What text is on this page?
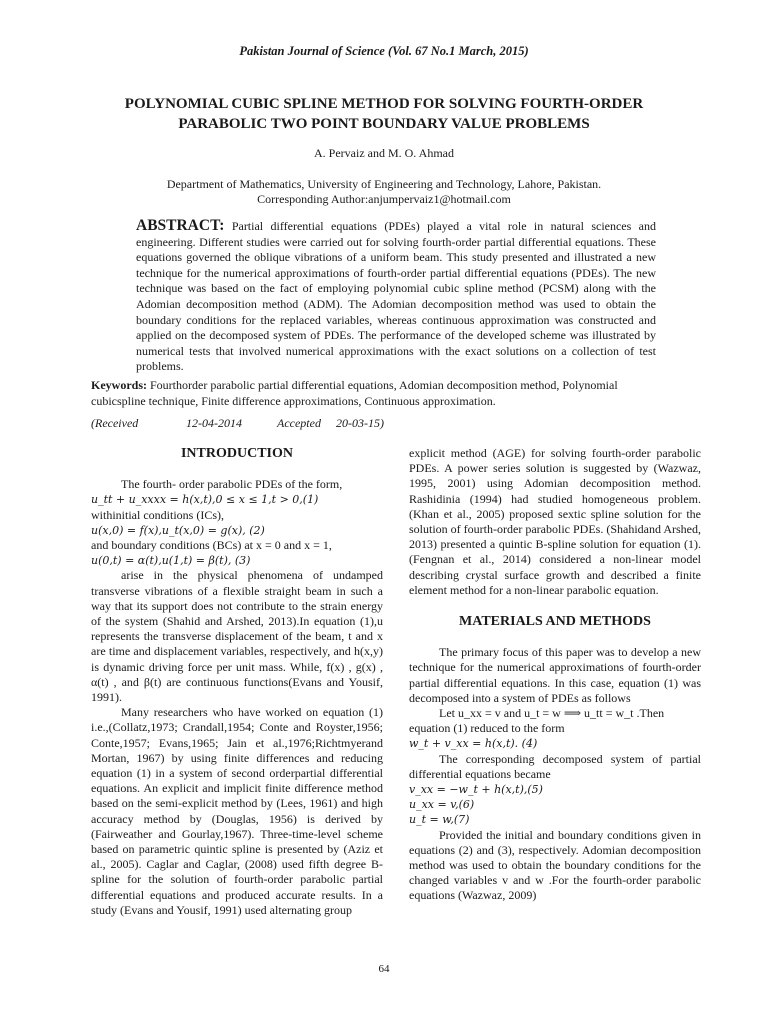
Pakistan Journal of Science (Vol. 67 No.1 March, 2015)
POLYNOMIAL CUBIC SPLINE METHOD FOR SOLVING FOURTH-ORDER
PARABOLIC TWO POINT BOUNDARY VALUE PROBLEMS
A. Pervaiz and M. O. Ahmad
Department of Mathematics, University of Engineering and Technology, Lahore, Pakistan.
Corresponding Author:anjumpervaiz1@hotmail.com
ABSTRACT: Partial differential equations (PDEs) played a vital role in natural sciences and engineering. Different studies were carried out for solving fourth-order partial differential equations. These equations governed the oblique vibrations of a uniform beam. This study presented and illustrated a new technique for the numerical approximations of fourth-order partial differential equations (PDEs). The new technique was based on the fact of employing polynomial cubic spline method (PCSM) along with the Adomian decomposition method (ADM). The Adomian decomposition method was used to obtain the boundary conditions for the replaced variables, whereas continuous approximation was constructed and applied on the decomposed system of PDEs. The performance of the developed scheme was illustrated by numerical tests that involved numerical approximations with the exact solutions on a collection of test problems.
Keywords: Fourthorder parabolic partial differential equations, Adomian decomposition method, Polynomial cubicspline technique, Finite difference approximations, Continuous approximation.
(Received	12-04-2014	Accepted 20-03-15)

INTRODUCTION

The fourth- order parabolic PDEs of the form,

u_tt + u_xxxx = h(x,t),0 ≤ x ≤ 1,t > 0,(1)

withinitial conditions (ICs),

u(x,0) = f(x),u_t(x,0) = g(x), (2)

and boundary conditions (BCs) at x = 0 and x = 1,

u(0,t) = α(t),u(1,t) = β(t), (3)

arise in the physical phenomena of undamped transverse vibrations of a flexible straight beam in such a way that its support does not contribute to the strain energy of the system (Shahid and Arshed, 2013).In equation (1),u represents the transverse displacement of the beam, t and x are time and displacement variables, respectively, and h(x,y) is dynamic driving force per unit mass. While, f(x) , g(x) , α(t) , and β(t) are continuous functions(Evans and Yousif, 1991).

Many researchers who have worked on equation (1) i.e.,(Collatz,1973; Crandall,1954; Conte and Royster,1956; Conte,1957; Evans,1965; Jain et al.,1976;Richtmyerand Mortan, 1967) by using finite differences and reducing equation (1) in a system of second orderpartial differential equations. An explicit and implicit finite difference method based on the semi-explicit method by (Lees, 1961) and high accuracy method by (Douglas, 1956) is derived by (Fairweather and Gourlay,1967). Three-time-level scheme based on parametric quintic spline is presented by (Aziz et al., 2005). Caglar and Caglar, (2008) used fifth degree B-spline for the solution of fourth-order parabolic partial differential equations and produced accurate results. In a study (Evans and Yousif, 1991) used alternating group

explicit method (AGE) for solving fourth-order parabolic PDEs. A power series solution is suggested by (Wazwaz, 1995, 2001) using Adomian decomposition method. Rashidinia (1994) had studied homogeneous problem. (Khan et al., 2005) proposed sextic spline solution for the solution of fourth-order parabolic PDEs. (Shahidand Arshed, 2013) presented a quintic B-spline solution for equation (1). (Fengnan et al., 2014) considered a non-linear model describing crystal surface growth and described a finite element method for a non-linear parabolic equation.

MATERIALS AND METHODS

The primary focus of this paper was to develop a new technique for the numerical approximations of fourth-order partial differential equations. In this case, equation (1) was decomposed into a system of PDEs as follows

Let u_xx = v and u_t = w ⟹ u_tt = w_t .Then

equation (1) reduced to the form

w_t + v_xx = h(x,t). (4)

The corresponding decomposed system of partial differential equations became

v_xx = −w_t + h(x,t),(5)

u_xx = v,(6)

u_t = w,(7)

Provided the initial and boundary conditions given in equations (2) and (3), respectively. Adomian decomposition method was used to obtain the boundary conditions for the changed variables v and w .For the fourth-order parabolic equations (Wazwaz, 2009)

64
